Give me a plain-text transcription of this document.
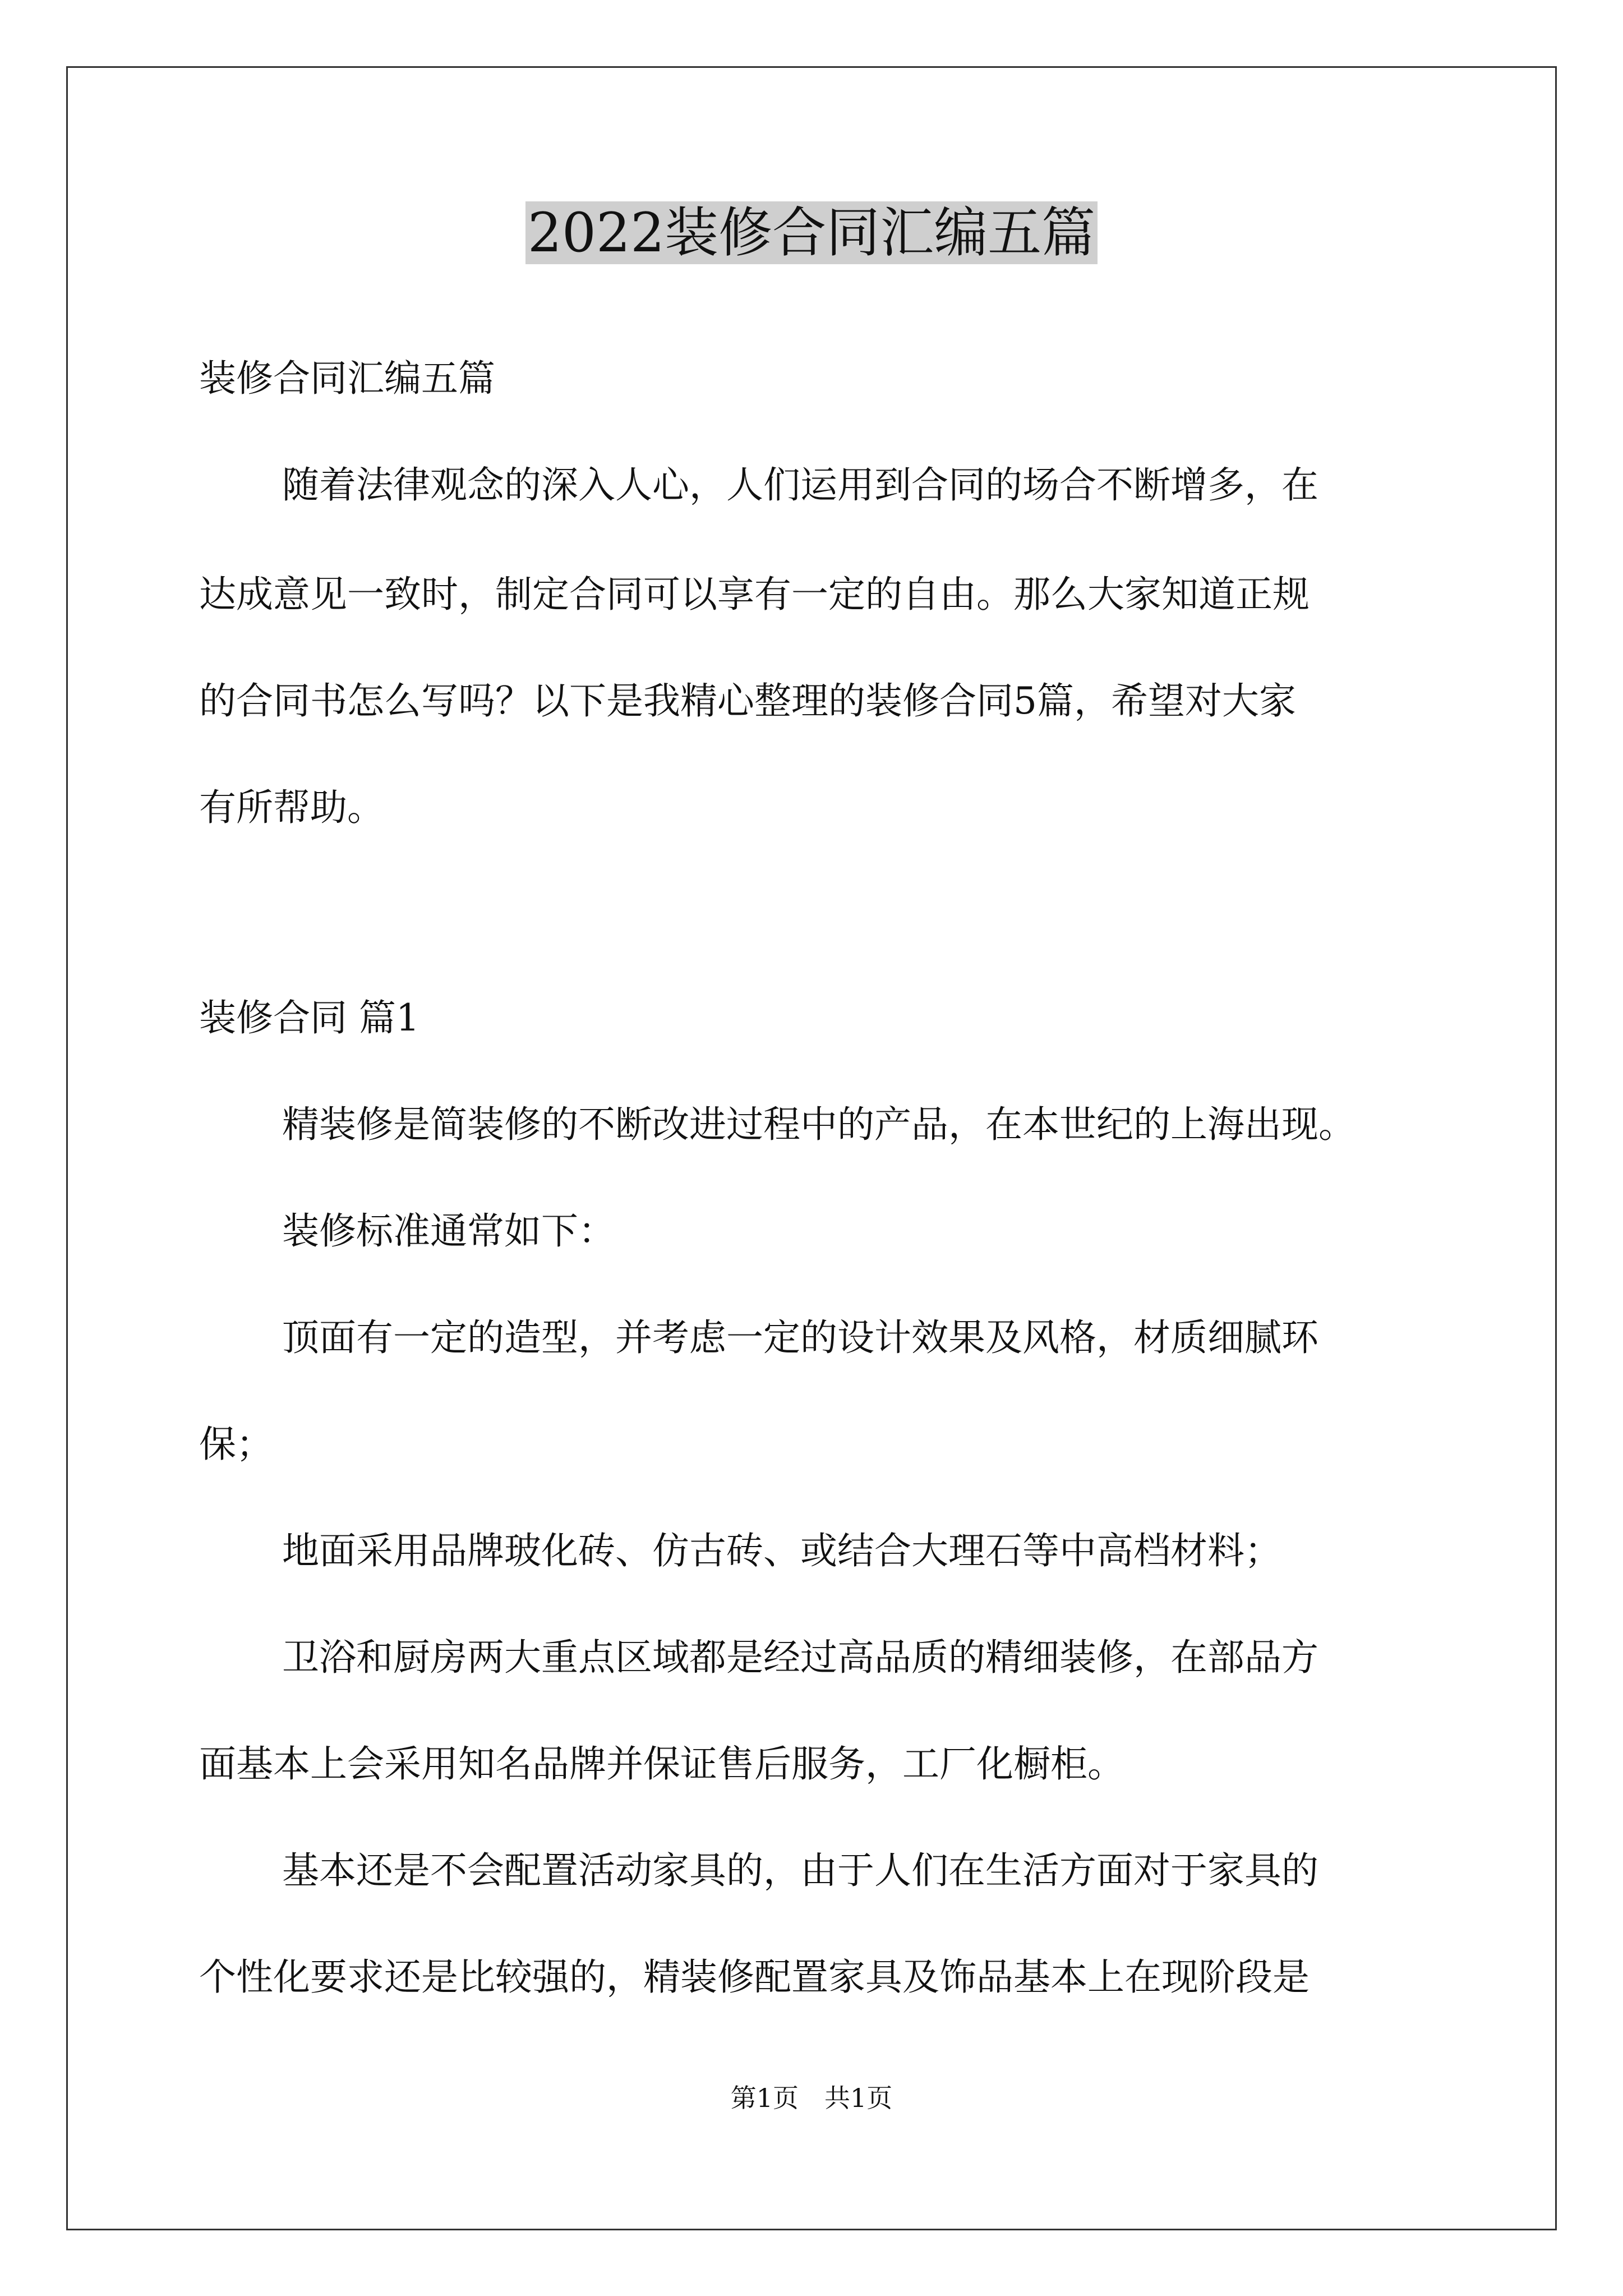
2022装修合同汇编五篇
装修合同汇编五篇
随着法律观念的深入人心，人们运用到合同的场合不断增多，在
达成意见一致时，制定合同可以享有一定的自由。那么大家知道正规
的合同书怎么写吗？以下是我精心整理的装修合同5篇，希望对大家
有所帮助。
装修合同 篇1
精装修是简装修的不断改进过程中的产品，在本世纪的上海出现。
装修标准通常如下：
顶面有一定的造型，并考虑一定的设计效果及风格，材质细腻环
保；
地面采用品牌玻化砖、仿古砖、或结合大理石等中高档材料；
卫浴和厨房两大重点区域都是经过高品质的精细装修，在部品方
面基本上会采用知名品牌并保证售后服务，工厂化橱柜。
基本还是不会配置活动家具的，由于人们在生活方面对于家具的
个性化要求还是比较强的，精装修配置家具及饰品基本上在现阶段是
第1页　共1页
